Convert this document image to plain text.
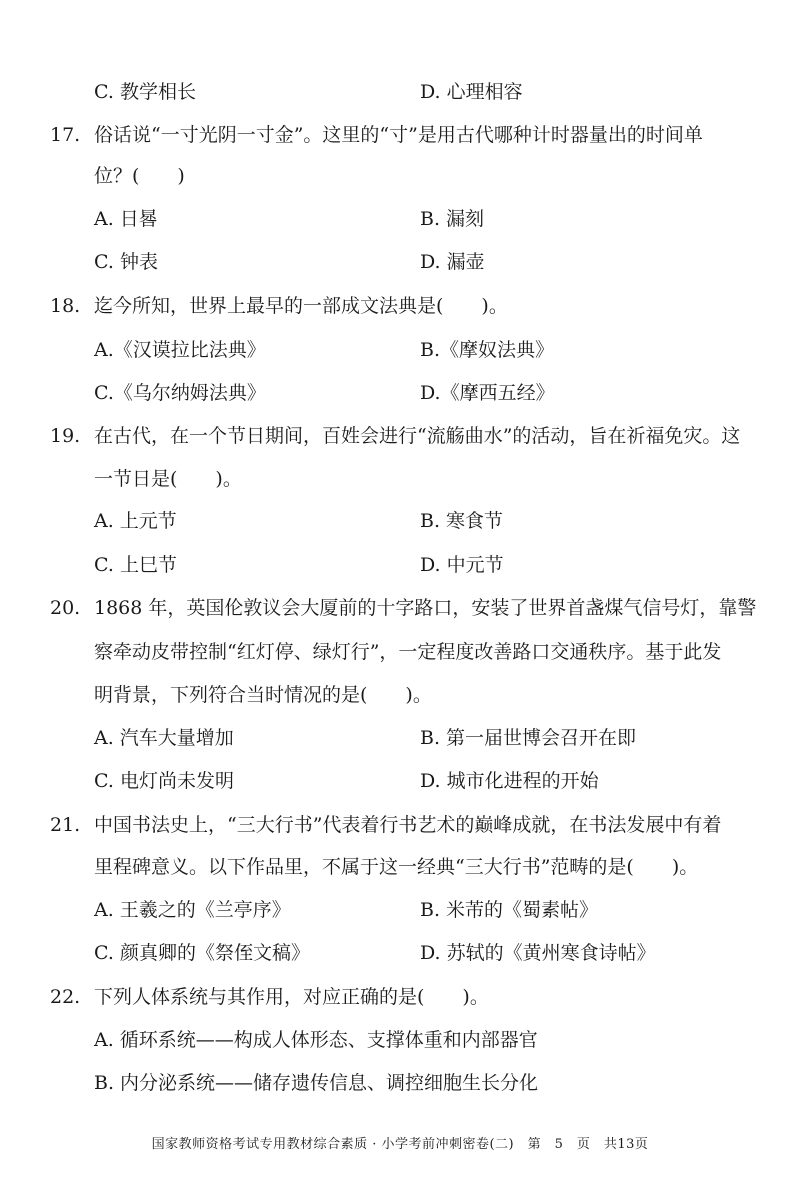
C. 教学相长	D. 心理相容
17. 俗话说“一寸光阴一寸金”。这里的“寸”是用古代哪种计时器量出的时间单
位？(　　)
A. 日晷	B. 漏刻
C. 钟表	D. 漏壶
18. 迄今所知，世界上最早的一部成文法典是(　　)。
A.《汉谟拉比法典》	B.《摩奴法典》
C.《乌尔纳姆法典》	D.《摩西五经》
19. 在古代，在一个节日期间，百姓会进行“流觞曲水”的活动，旨在祈福免灾。这
一节日是(　　)。
A. 上元节	B. 寒食节
C. 上巳节	D. 中元节
20. 1868 年，英国伦敦议会大厦前的十字路口，安装了世界首盏煤气信号灯，靠警
察牵动皮带控制“红灯停、绿灯行”，一定程度改善路口交通秩序。基于此发
明背景，下列符合当时情况的是(　　)。
A. 汽车大量增加	B. 第一届世博会召开在即
C. 电灯尚未发明	D. 城市化进程的开始
21. 中国书法史上，“三大行书”代表着行书艺术的巅峰成就，在书法发展中有着
里程碑意义。以下作品里，不属于这一经典“三大行书”范畴的是(　　)。
A. 王羲之的《兰亭序》	B. 米芾的《蜀素帖》
C. 颜真卿的《祭侄文稿》	D. 苏轼的《黄州寒食诗帖》
22. 下列人体系统与其作用，对应正确的是(　　)。
A. 循环系统——构成人体形态、支撑体重和内部器官
B. 内分泌系统——储存遗传信息、调控细胞生长分化
国家教师资格考试专用教材综合素质 · 小学考前冲刺密卷(二)　第　5　页　共13页
